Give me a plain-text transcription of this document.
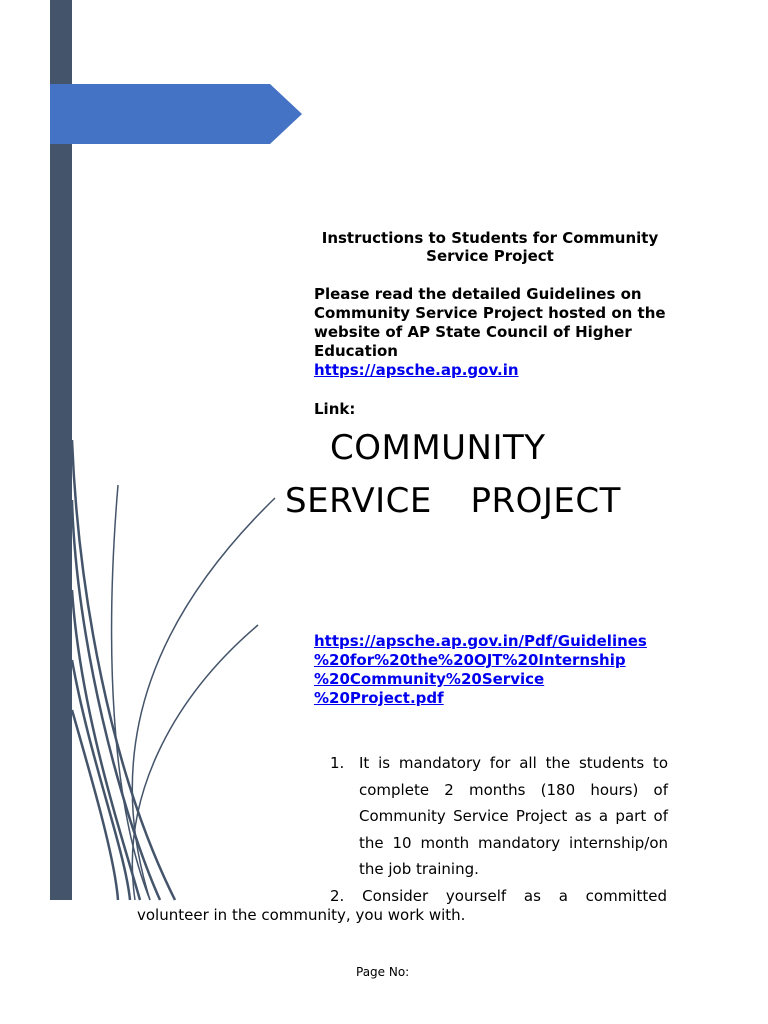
Instructions to Students for Community Service Project
Please read the detailed Guidelines on Community Service Project hosted on the website of AP State Council of Higher Education
https://apsche.ap.gov.in
Link:
COMMUNITY
SERVICE  PROJECT
https://apsche.ap.gov.in/Pdf/Guidelines
%20for%20the%20OJT%20Internship
%20Community%20Service
%20Project.pdf
1. It is mandatory for all the students to complete 2 months (180 hours) of Community Service Project as a part of the 10 month mandatory internship/on the job training.
2. Consider yourself as a committed
volunteer in the community, you work with.
Page No:
